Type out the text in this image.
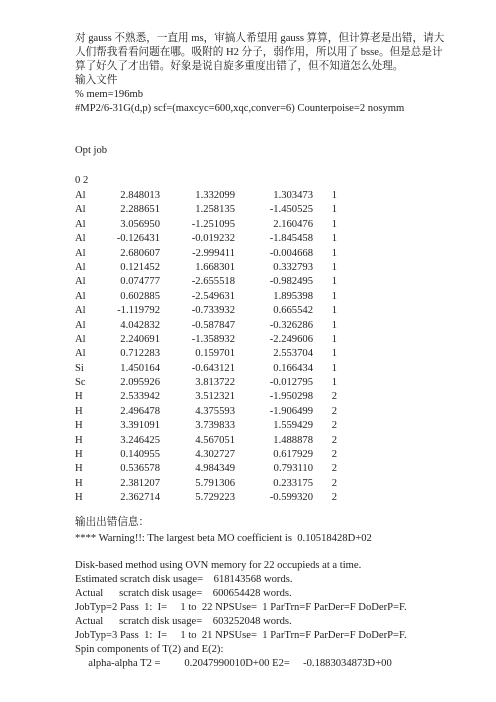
对 gauss 不熟悉，一直用 ms，审搞人希望用 gauss 算算，但计算老是出错，请大
人们帮我看看问题在哪。吸附的 H2 分子，弱作用，所以用了 bsse。但是总是计
算了好久了才出错。好象是说自旋多重度出错了，但不知道怎么处理。
输入文件
% mem=196mb
#MP2/6-31G(d,p) scf=(maxcyc=600,xqc,conver=6) Counterpoise=2 nosymm
Opt job
0 2
Al	2.848013	1.332099	1.303473 1
Al	2.288651	1.258135	-1.450525 1
Al	3.056950	-1.251095	2.160476 1
Al	-0.126431	-0.019232	-1.845458 1
Al	2.680607	-2.999411	-0.004668 1
Al	0.121452	1.668301	0.332793 1
Al	0.074777	-2.655518	-0.982495 1
Al	0.602885	-2.549631	1.895398 1
Al	-1.119792	-0.733932	0.665542 1
Al	4.042832	-0.587847	-0.326286 1
Al	2.240691	-1.358932	-2.249606 1
Al	0.712283	0.159701	2.553704 1
Si	1.450164	-0.643121	0.166434 1
Sc	2.095926	3.813722	-0.012795 1
H	2.533942	3.512321	-1.950298 2
H	2.496478	4.375593	-1.906499 2
H	3.391091	3.739833	1.559429 2
H	3.246425	4.567051	1.488878 2
H	0.140955	4.302727	0.617929 2
H	0.536578	4.984349	0.793110 2
H	2.381207	5.791306	0.233175 2
H	2.362714	5.729223	-0.599320 2
输出出错信息：
**** Warning!!: The largest beta MO coefficient is  0.10518428D+02
Disk-based method using OVN memory for 22 occupieds at a time.
Estimated scratch disk usage=    618143568 words.
Actual      scratch disk usage=    600654428 words.
JobTyp=2 Pass  1:  I=     1 to  22 NPSUse=  1 ParTrn=F ParDer=F DoDerP=F.
Actual      scratch disk usage=    603252048 words.
JobTyp=3 Pass  1:  I=     1 to  21 NPSUse=  1 ParTrn=F ParDer=F DoDerP=F.
Spin components of T(2) and E(2):
alpha-alpha T2 =         0.2047990010D+00 E2=     -0.1883034873D+00
